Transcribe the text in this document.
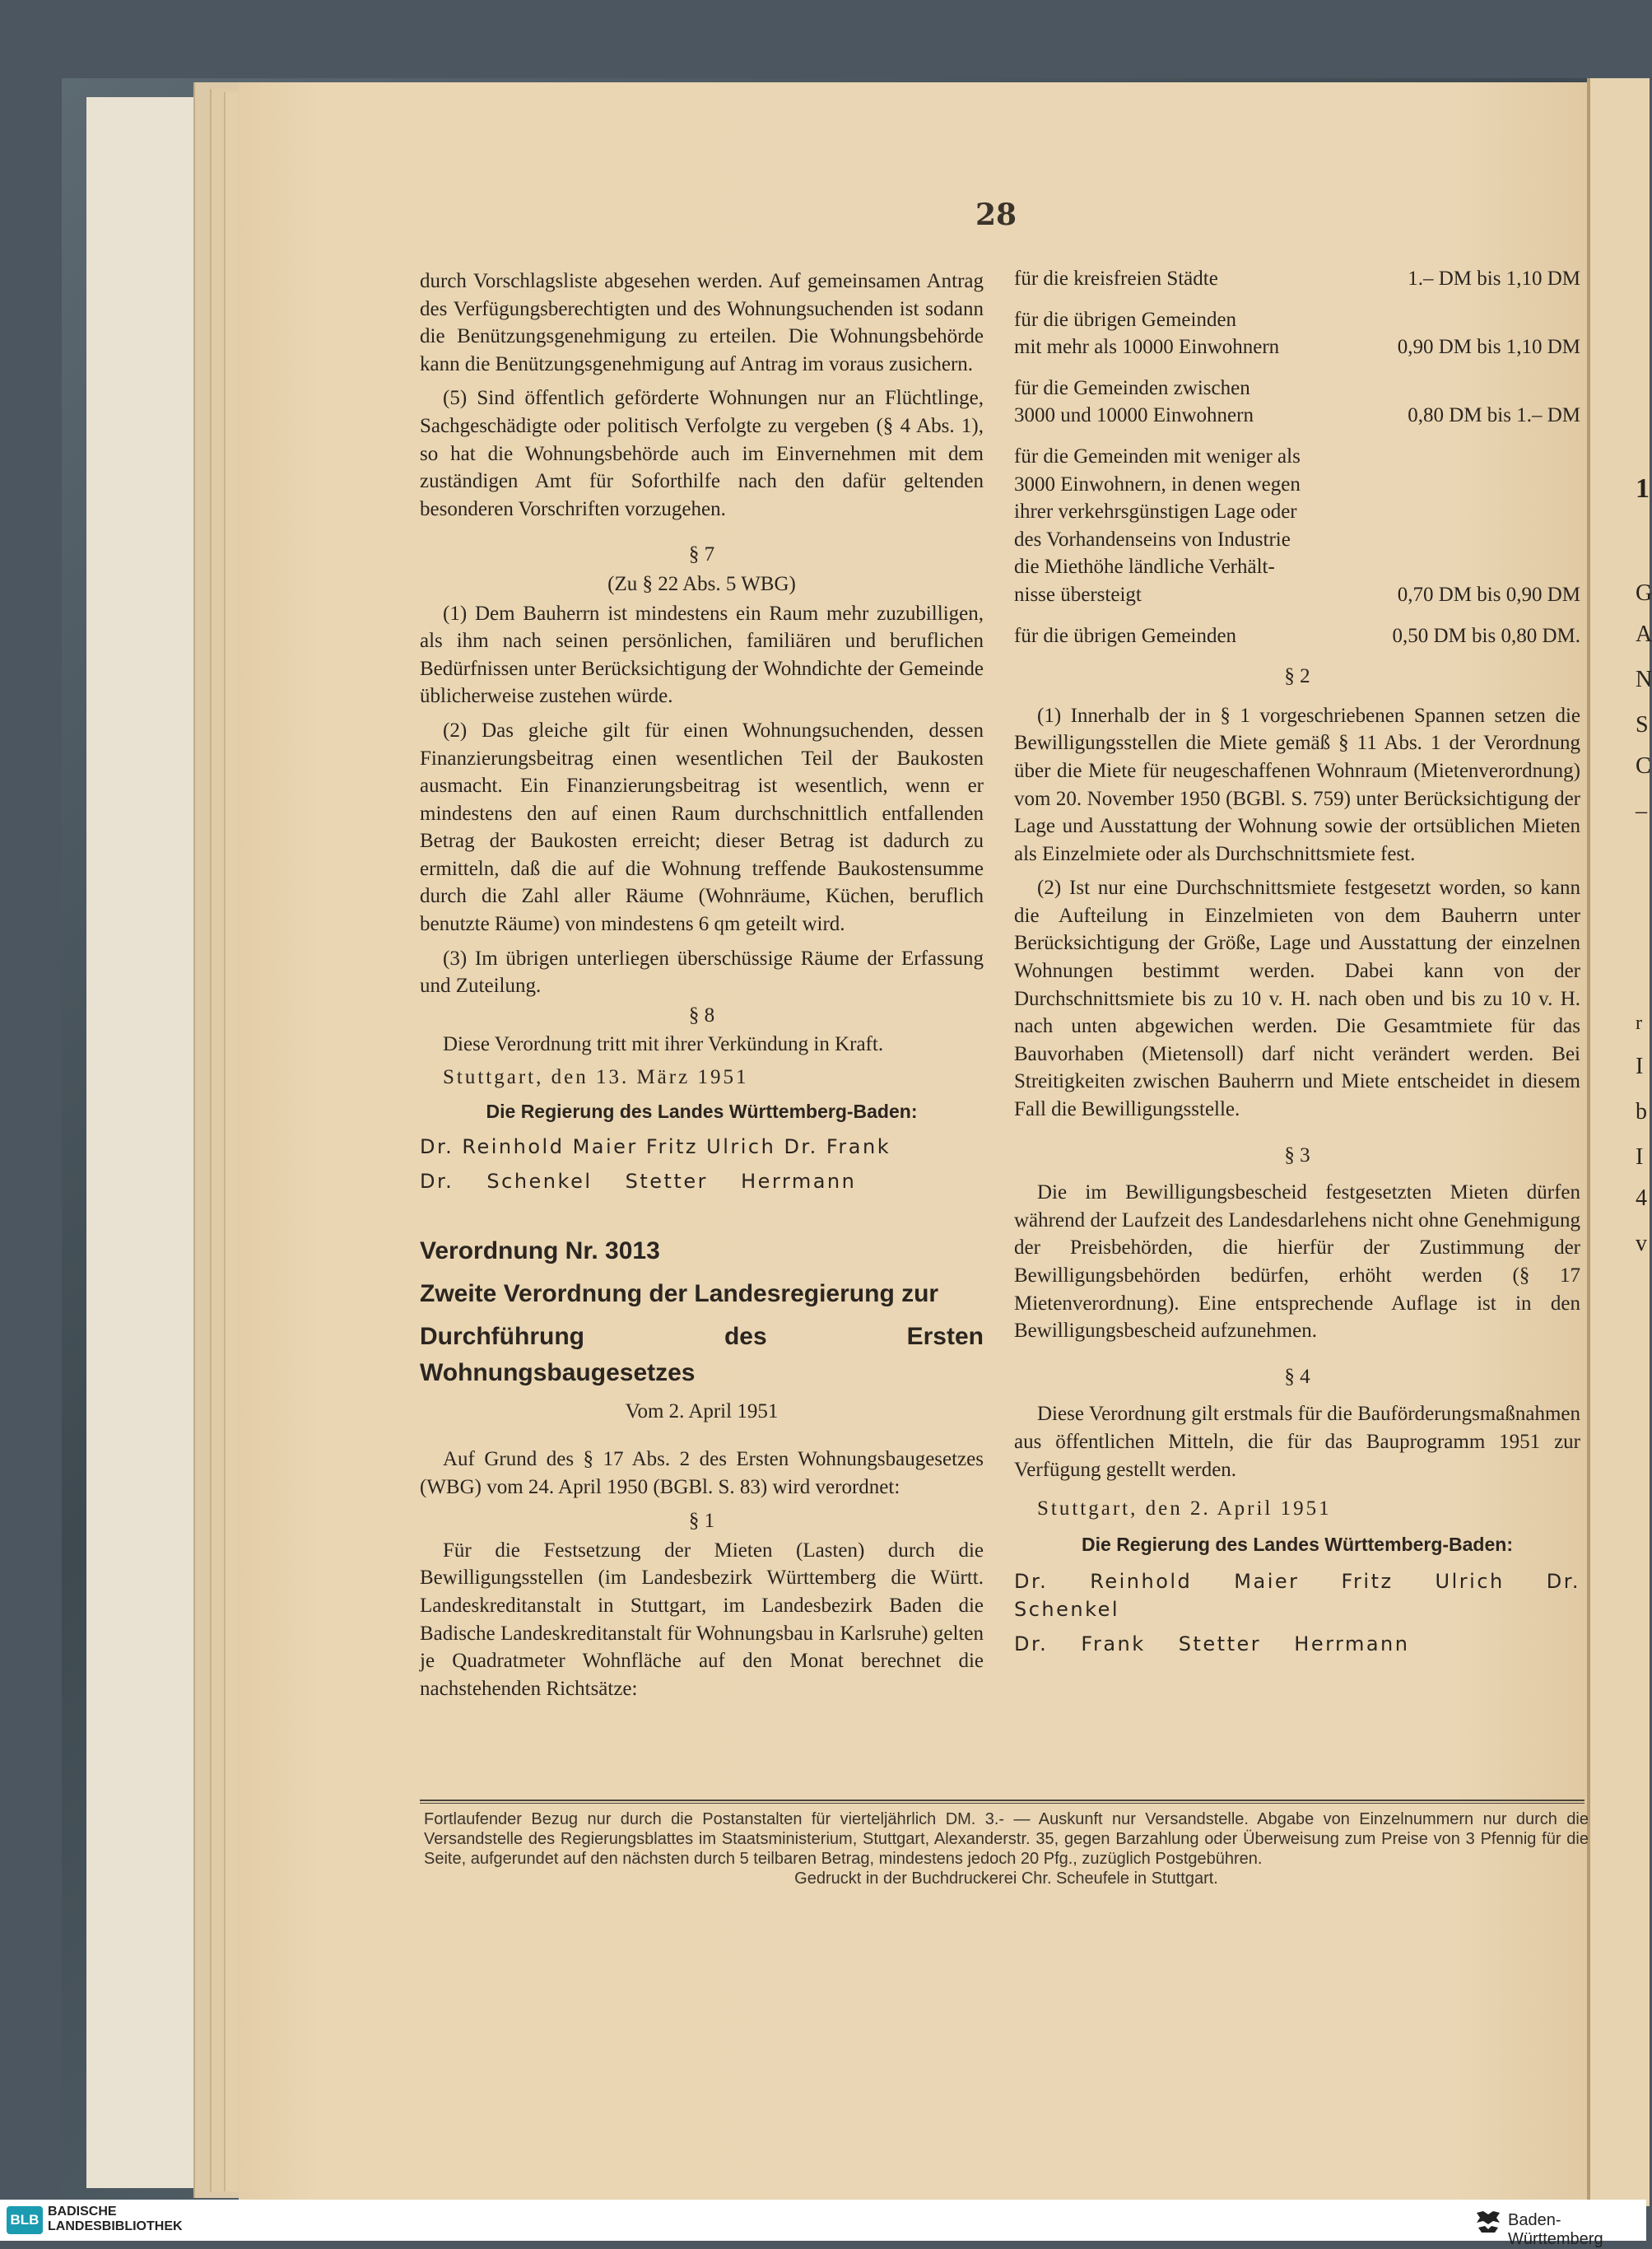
1
G
A
N
S
C
–
r
I
b
I
4
v
28

durch Vorschlagsliste abgesehen werden. Auf gemeinsamen Antrag des Verfügungsberechtigten und des Wohnungsuchenden ist sodann die Benützungsgenehmigung zu erteilen. Die Wohnungsbehörde kann die Benützungsgenehmigung auf Antrag im voraus zusichern.

(5) Sind öffentlich geförderte Wohnungen nur an Flüchtlinge, Sachgeschädigte oder politisch Verfolgte zu vergeben (§ 4 Abs. 1), so hat die Wohnungsbehörde auch im Einvernehmen mit dem zuständigen Amt für Soforthilfe nach den dafür geltenden besonderen Vorschriften vorzugehen.

§ 7

(Zu § 22 Abs. 5 WBG)

(1) Dem Bauherrn ist mindestens ein Raum mehr zuzubilligen, als ihm nach seinen persönlichen, familiären und beruflichen Bedürfnissen unter Berücksichtigung der Wohndichte der Gemeinde üblicherweise zustehen würde.

(2) Das gleiche gilt für einen Wohnungsuchenden, dessen Finanzierungsbeitrag einen wesentlichen Teil der Baukosten ausmacht. Ein Finanzierungsbeitrag ist wesentlich, wenn er mindestens den auf einen Raum durchschnittlich entfallenden Betrag der Baukosten erreicht; dieser Betrag ist dadurch zu ermitteln, daß die auf die Wohnung treffende Baukostensumme durch die Zahl aller Räume (Wohnräume, Küchen, beruflich benutzte Räume) von mindestens 6 qm geteilt wird.

(3) Im übrigen unterliegen überschüssige Räume der Erfassung und Zuteilung.

§ 8

Diese Verordnung tritt mit ihrer Verkündung in Kraft.

Stuttgart, den 13. März 1951

Die Regierung des Landes Württemberg-Baden:

Dr. Reinhold Maier Fritz Ulrich Dr. Frank

Dr. Schenkel Stetter Herrmann

Verordnung Nr. 3013

Zweite Verordnung der Landesregierung zur

Durchführung des Ersten Wohnungsbaugesetzes

Vom 2. April 1951

Auf Grund des § 17 Abs. 2 des Ersten Wohnungsbaugesetzes (WBG) vom 24. April 1950 (BGBl. S. 83) wird verordnet:

§ 1

Für die Festsetzung der Mieten (Lasten) durch die Bewilligungsstellen (im Landesbezirk Württemberg die Württ. Landeskreditanstalt in Stuttgart, im Landesbezirk Baden die Badische Landeskreditanstalt für Wohnungsbau in Karlsruhe) gelten je Quadratmeter Wohnfläche auf den Monat berechnet die nachstehenden Richtsätze:

für die kreisfreien Städte	1.– DM bis 1,10 DM
für die übrigen Gemeinden
mit mehr als 10000 Einwohnern	0,90 DM bis 1,10 DM
für die Gemeinden zwischen
3000 und 10000 Einwohnern	0,80 DM bis 1.– DM
für die Gemeinden mit weniger als
3000 Einwohnern, in denen wegen
ihrer verkehrsgünstigen Lage oder
des Vorhandenseins von Industrie
die Miethöhe ländliche Verhält-
nisse übersteigt	0,70 DM bis 0,90 DM
für die übrigen Gemeinden	0,50 DM bis 0,80 DM.

§ 2

(1) Innerhalb der in § 1 vorgeschriebenen Spannen setzen die Bewilligungsstellen die Miete gemäß § 11 Abs. 1 der Verordnung über die Miete für neugeschaffenen Wohnraum (Mietenverordnung) vom 20. November 1950 (BGBl. S. 759) unter Berücksichtigung der Lage und Ausstattung der Wohnung sowie der ortsüblichen Mieten als Einzelmiete oder als Durchschnittsmiete fest.

(2) Ist nur eine Durchschnittsmiete festgesetzt worden, so kann die Aufteilung in Einzelmieten von dem Bauherrn unter Berücksichtigung der Größe, Lage und Ausstattung der einzelnen Wohnungen bestimmt werden. Dabei kann von der Durchschnittsmiete bis zu 10 v. H. nach oben und bis zu 10 v. H. nach unten abgewichen werden. Die Gesamtmiete für das Bauvorhaben (Mietensoll) darf nicht verändert werden. Bei Streitigkeiten zwischen Bauherrn und Miete entscheidet in diesem Fall die Bewilligungsstelle.

§ 3

Die im Bewilligungsbescheid festgesetzten Mieten dürfen während der Laufzeit des Landesdarlehens nicht ohne Genehmigung der Preisbehörden, die hierfür der Zustimmung der Bewilligungsbehörden bedürfen, erhöht werden (§ 17 Mietenverordnung). Eine entsprechende Auflage ist in den Bewilligungsbescheid aufzunehmen.

§ 4

Diese Verordnung gilt erstmals für die Bauförderungsmaßnahmen aus öffentlichen Mitteln, die für das Bauprogramm 1951 zur Verfügung gestellt werden.

Stuttgart, den 2. April 1951

Die Regierung des Landes Württemberg-Baden:

Dr. Reinhold Maier Fritz Ulrich Dr. Schenkel

Dr. Frank Stetter Herrmann

Fortlaufender Bezug nur durch die Postanstalten für vierteljährlich DM. 3.- — Auskunft nur Versandstelle. Abgabe von Einzelnummern nur durch die Versandstelle des Regierungsblattes im Staatsministerium, Stuttgart, Alexanderstr. 35, gegen Barzahlung oder Überweisung zum Preise von 3 Pfennig für die Seite, aufgerundet auf den nächsten durch 5 teilbaren Betrag, mindestens jedoch 20 Pfg., zuzüglich Postgebühren.
Gedruckt in der Buchdruckerei Chr. Scheufele in Stuttgart.
BLB
BADISCHE
LANDESBIBLIOTHEK	Baden-Württemberg
